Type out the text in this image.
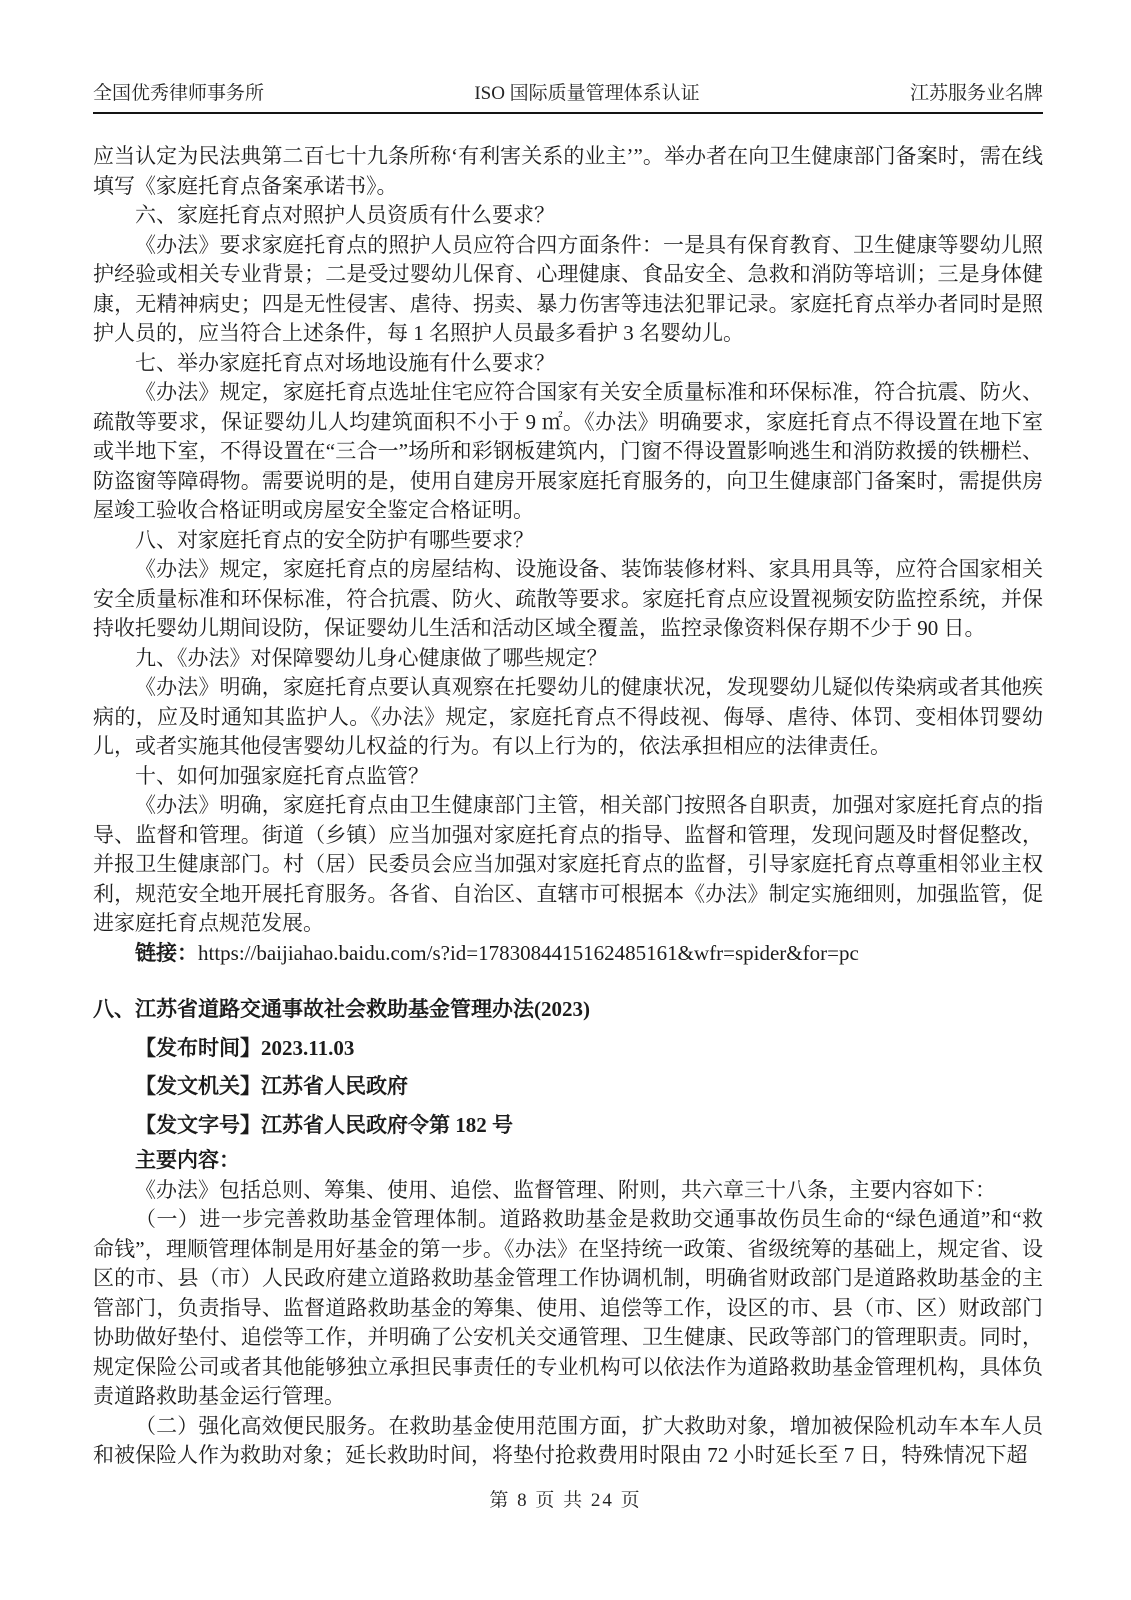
全国优秀律师事务所	ISO 国际质量管理体系认证	江苏服务业名牌

应当认定为民法典第二百七十九条所称‘有利害关系的业主’”。举办者在向卫生健康部门备案时，需在线填写《家庭托育点备案承诺书》。

六、家庭托育点对照护人员资质有什么要求？

《办法》要求家庭托育点的照护人员应符合四方面条件：一是具有保育教育、卫生健康等婴幼儿照护经验或相关专业背景；二是受过婴幼儿保育、心理健康、食品安全、急救和消防等培训；三是身体健康，无精神病史；四是无性侵害、虐待、拐卖、暴力伤害等违法犯罪记录。家庭托育点举办者同时是照护人员的，应当符合上述条件，每 1 名照护人员最多看护 3 名婴幼儿。

七、举办家庭托育点对场地设施有什么要求？

《办法》规定，家庭托育点选址住宅应符合国家有关安全质量标准和环保标准，符合抗震、防火、疏散等要求，保证婴幼儿人均建筑面积不小于 9 ㎡。《办法》明确要求，家庭托育点不得设置在地下室或半地下室，不得设置在“三合一”场所和彩钢板建筑内，门窗不得设置影响逃生和消防救援的铁栅栏、防盗窗等障碍物。需要说明的是，使用自建房开展家庭托育服务的，向卫生健康部门备案时，需提供房屋竣工验收合格证明或房屋安全鉴定合格证明。

八、对家庭托育点的安全防护有哪些要求？

《办法》规定，家庭托育点的房屋结构、设施设备、装饰装修材料、家具用具等，应符合国家相关安全质量标准和环保标准，符合抗震、防火、疏散等要求。家庭托育点应设置视频安防监控系统，并保持收托婴幼儿期间设防，保证婴幼儿生活和活动区域全覆盖，监控录像资料保存期不少于 90 日。

九、《办法》对保障婴幼儿身心健康做了哪些规定？

《办法》明确，家庭托育点要认真观察在托婴幼儿的健康状况，发现婴幼儿疑似传染病或者其他疾病的，应及时通知其监护人。《办法》规定，家庭托育点不得歧视、侮辱、虐待、体罚、变相体罚婴幼儿，或者实施其他侵害婴幼儿权益的行为。有以上行为的，依法承担相应的法律责任。

十、如何加强家庭托育点监管？

《办法》明确，家庭托育点由卫生健康部门主管，相关部门按照各自职责，加强对家庭托育点的指导、监督和管理。街道（乡镇）应当加强对家庭托育点的指导、监督和管理，发现问题及时督促整改，并报卫生健康部门。村（居）民委员会应当加强对家庭托育点的监督，引导家庭托育点尊重相邻业主权利，规范安全地开展托育服务。各省、自治区、直辖市可根据本《办法》制定实施细则，加强监管，促进家庭托育点规范发展。

链接：https://baijiahao.baidu.com/s?id=1783084415162485161&wfr=spider&for=pc

八、江苏省道路交通事故社会救助基金管理办法(2023)

【发布时间】2023.11.03

【发文机关】江苏省人民政府

【发文字号】江苏省人民政府令第 182 号

主要内容：

《办法》包括总则、筹集、使用、追偿、监督管理、附则，共六章三十八条，主要内容如下：

（一）进一步完善救助基金管理体制。道路救助基金是救助交通事故伤员生命的“绿色通道”和“救命钱”，理顺管理体制是用好基金的第一步。《办法》在坚持统一政策、省级统筹的基础上，规定省、设区的市、县（市）人民政府建立道路救助基金管理工作协调机制，明确省财政部门是道路救助基金的主管部门，负责指导、监督道路救助基金的筹集、使用、追偿等工作，设区的市、县（市、区）财政部门协助做好垫付、追偿等工作，并明确了公安机关交通管理、卫生健康、民政等部门的管理职责。同时，规定保险公司或者其他能够独立承担民事责任的专业机构可以依法作为道路救助基金管理机构，具体负责道路救助基金运行管理。

（二）强化高效便民服务。在救助基金使用范围方面，扩大救助对象，增加被保险机动车本车人员和被保险人作为救助对象；延长救助时间，将垫付抢救费用时限由 72 小时延长至 7 日，特殊情况下超

第 8 页 共 24 页
